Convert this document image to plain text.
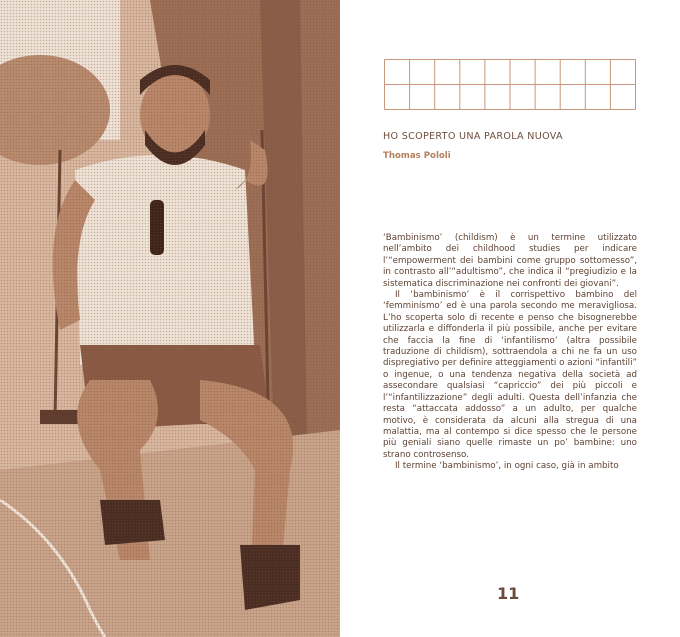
HO SCOPERTO UNA PAROLA NUOVA
Thomas Pololi

‘Bambinismo’ (childism) è un termine utilizzato nell’ambito dei childhood studies per indicare l’“empowerment dei bambini come gruppo sottomesso”, in contrasto all’“adultismo”, che indica il “pregiudizio e la sistematica discriminazione nei confronti dei giovani”.

Il ‘bambinismo’ è il corrispettivo bambino del ‘femminismo’ ed è una parola secondo me meravigliosa. L’ho scoperta solo di recente e penso che bisognerebbe utilizzarla e diffonderla il più possibile, anche per evitare che faccia la fine di ‘infantilismo’ (altra possibile traduzione di childism), sottraendola a chi ne fa un uso dispregiativo per definire atteggiamenti o azioni “infantili” o ingenue, o una tendenza negativa della società ad assecondare qualsiasi “capriccio” dei più piccoli e l’“infantilizzazione” degli adulti. Questa dell’infanzia che resta “attaccata addosso” a un adulto, per qualche motivo, è considerata da alcuni alla stregua di una malattia, ma al contempo si dice spesso che le persone più geniali siano quelle rimaste un po’ bambine: uno strano controsenso.

Il termine ‘bambinismo’, in ogni caso, già in ambito

11
